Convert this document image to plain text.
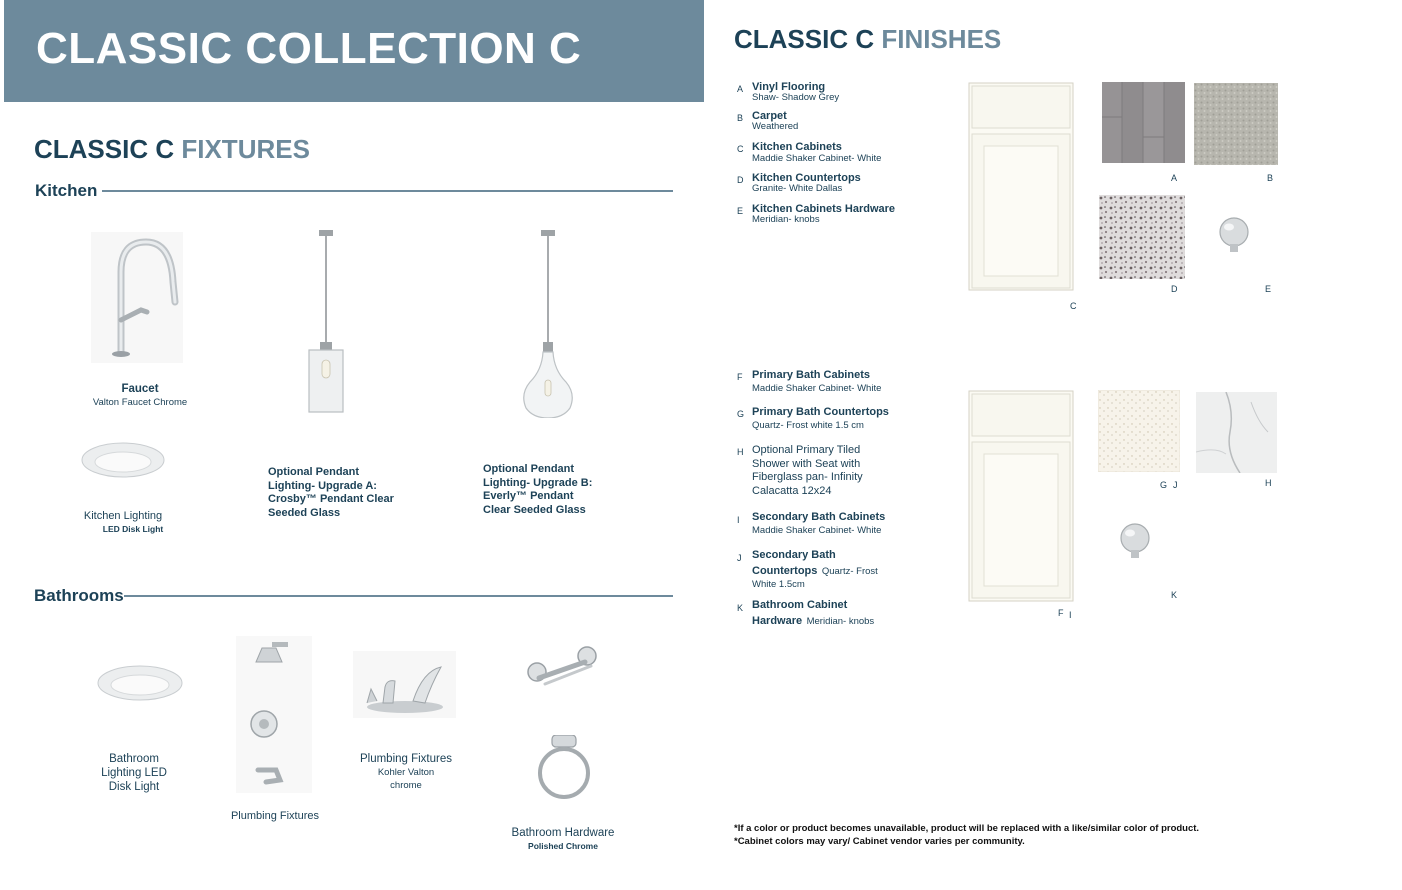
CLASSIC COLLECTION C
CLASSIC C FIXTURES
Kitchen
Faucet
Valton Faucet Chrome
Kitchen Lighting
LED Disk Light
Optional Pendant
Lighting- Upgrade A:
Crosby™ Pendant Clear
Seeded Glass
Optional Pendant
Lighting- Upgrade B:
Everly™ Pendant
Clear Seeded Glass
Bathrooms
Bathroom
Lighting LED
Disk Light
Plumbing Fixtures
Plumbing Fixtures
Kohler Valton
chrome
Bathroom Hardware
Polished Chrome
CLASSIC C FINISHES
A Vinyl Flooring
Shaw- Shadow Grey
B Carpet
Weathered
C Kitchen Cabinets
Maddie Shaker Cabinet- White
D Kitchen Countertops
Granite- White Dallas
E Kitchen Cabinets Hardware
Meridian- knobs
C
A	B
D	E
F Primary Bath Cabinets
Maddie Shaker Cabinet- White
G Primary Bath Countertops
Quartz- Frost white 1.5 cm
H Optional Primary Tiled
Shower with Seat with
Fiberglass pan- Infinity
Calacatta 12x24
I	Secondary Bath Cabinets
Maddie Shaker Cabinet- White
J Secondary Bath
Countertops Quartz- Frost
White 1.5cm
K Bathroom Cabinet
Hardware Meridian- knobs
F I
G J	H
K
*If a color or product becomes unavailable, product will be replaced with a like/similar color of product.
*Cabinet colors may vary/ Cabinet vendor varies per community.
